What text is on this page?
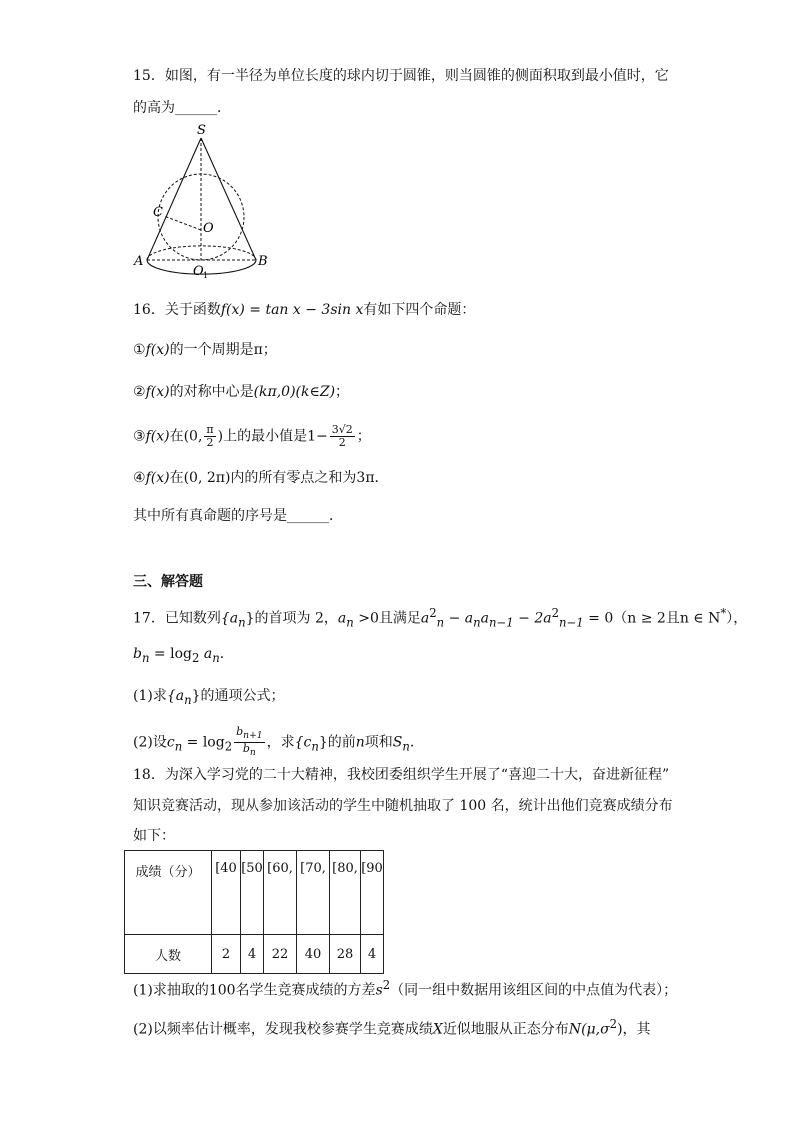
15．如图，有一半径为单位长度的球内切于圆锥，则当圆锥的侧面积取到最小值时，它
的高为______．
S
C
O
A
O 1
B
16．关于函数f(x) = tan x − 3sin x有如下四个命题：
①f(x)的一个周期是π；
②f(x)的对称中心是(kπ,0)(k∈Z)；
③f(x)在(0, $\frac{\pi}{2}$ )上的最小值是$1- \frac{3√2}{2}$ ；
④f(x)在(0, 2π)内的所有零点之和为3π．
其中所有真命题的序号是______．
三、解答题
17．已知数列$\{a_n\}$的首项为 2，$a_n >0$且满足$a^2_n - a_na_{n-1} - 2a^2_{n-1} = 0(n \ge 2$且n ∈ N*），
$b_n = \log_2 a_n$．
(1)求$\{a_n\}$的通项公式；
(2)设$c_n = \log_2 \frac{b_{n+1}}{b_n}$ ，求$\{c_n\}$的前n项和$S_n$．
18．为深入学习党的二十大精神，我校团委组织学生开展了“喜迎二十大，奋进新征程”
知识竞赛活动，现从参加该活动的学生中随机抽取了 100 名，统计出他们竞赛成绩分布
如下：
成绩（分）	[40	[50	[60,	[70,	[80,	[90
人数	2	4	22	40	28	4
(1)求抽取的100名学生竞赛成绩的方差$s^2$（同一组中数据用该组区间的中点值为代表）；
(2)以频率估计概率，发现我校参赛学生竞赛成绩X近似地服从正态分布$N(\mu,\sigma^2)$，其
